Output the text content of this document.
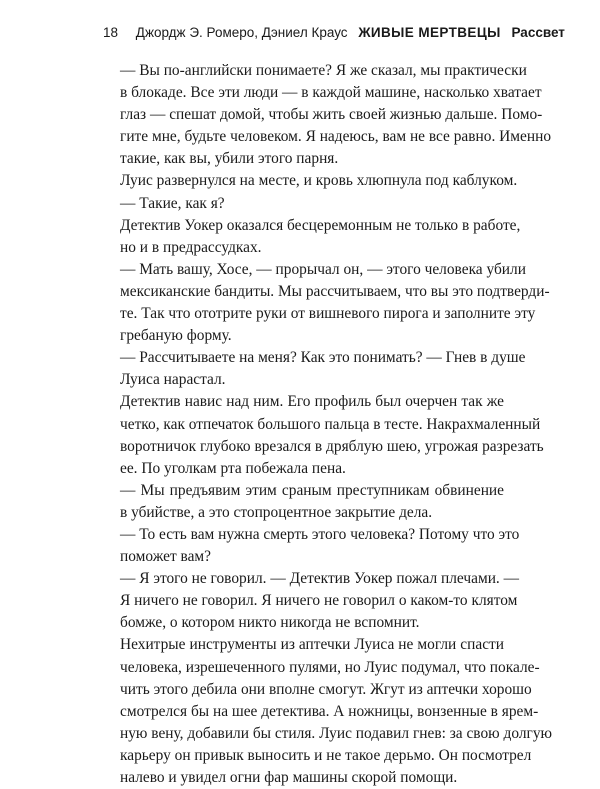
18 Джордж Э. Ромеро, Дэниел Краус ЖИВЫЕ МЕРТВЕЦЫ Рассвет

— Вы по-английски понимаете? Я же сказал, мы практически
в блокаде. Все эти люди — в каждой машине, насколько хватает
глаз — спешат домой, чтобы жить своей жизнью дальше. Помо-
гите мне, будьте человеком. Я надеюсь, вам не все равно. Именно
такие, как вы, убили этого парня.

Луис развернулся на месте, и кровь хлюпнула под каблуком.

— Такие, как я?

Детектив Уокер оказался бесцеремонным не только в работе,
но и в предрассудках.

— Мать вашу, Хосе, — прорычал он, — этого человека убили
мексиканские бандиты. Мы рассчитываем, что вы это подтверди-
те. Так что ототрите руки от вишневого пирога и заполните эту
гребаную форму.

— Рассчитываете на меня? Как это понимать? — Гнев в душе
Луиса нарастал.

Детектив навис над ним. Его профиль был очерчен так же
четко, как отпечаток большого пальца в тесте. Накрахмаленный
воротничок глубоко врезался в дряблую шею, угрожая разрезать
ее. По уголкам рта побежала пена.

— Мы предъявим этим сраным преступникам обвинение
в убийстве, а это стопроцентное закрытие дела.

— То есть вам нужна смерть этого человека? Потому что это
поможет вам?

— Я этого не говорил. — Детектив Уокер пожал плечами. —
Я ничего не говорил. Я ничего не говорил о каком-то клятом
бомже, о котором никто никогда не вспомнит.

Нехитрые инструменты из аптечки Луиса не могли спасти
человека, изрешеченного пулями, но Луис подумал, что покале-
чить этого дебила они вполне смогут. Жгут из аптечки хорошо
смотрелся бы на шее детектива. А ножницы, вонзенные в ярем-
ную вену, добавили бы стиля. Луис подавил гнев: за свою долгую
карьеру он привык выносить и не такое дерьмо. Он посмотрел
налево и увидел огни фар машины скорой помощи.
